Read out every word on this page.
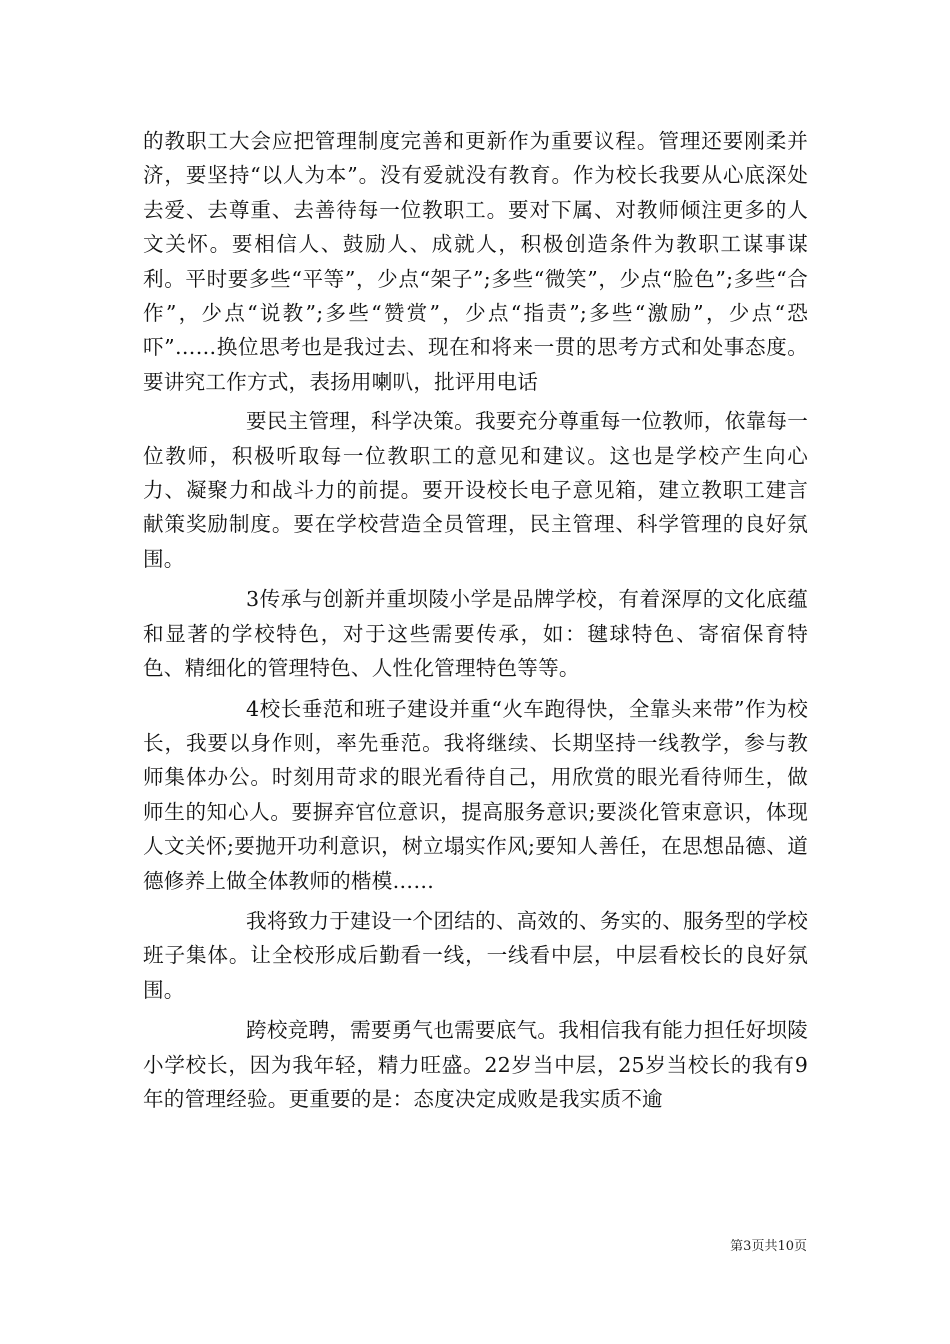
的教职工大会应把管理制度完善和更新作为重要议程。管理还要刚柔并济，要坚持“以人为本”。没有爱就没有教育。作为校长我要从心底深处去爱、去尊重、去善待每一位教职工。要对下属、对教师倾注更多的人文关怀。要相信人、鼓励人、成就人，积极创造条件为教职工谋事谋利。平时要多些“平等”，少点“架子”;多些“微笑”，少点“脸色”;多些“合作”，少点“说教”;多些“赞赏”，少点“指责”;多些“激励”，少点“恐吓”……换位思考也是我过去、现在和将来一贯的思考方式和处事态度。要讲究工作方式，表扬用喇叭，批评用电话

要民主管理，科学决策。我要充分尊重每一位教师，依靠每一位教师，积极听取每一位教职工的意见和建议。这也是学校产生向心力、凝聚力和战斗力的前提。要开设校长电子意见箱，建立教职工建言献策奖励制度。要在学校营造全员管理，民主管理、科学管理的良好氛围。

3传承与创新并重坝陵小学是品牌学校，有着深厚的文化底蕴和显著的学校特色，对于这些需要传承，如：毽球特色、寄宿保育特色、精细化的管理特色、人性化管理特色等等。

4校长垂范和班子建设并重“火车跑得快，全靠头来带”作为校长，我要以身作则，率先垂范。我将继续、长期坚持一线教学，参与教师集体办公。时刻用苛求的眼光看待自己，用欣赏的眼光看待师生，做师生的知心人。要摒弃官位意识，提高服务意识;要淡化管束意识，体现人文关怀;要抛开功利意识，树立塌实作风;要知人善任，在思想品德、道德修养上做全体教师的楷模……

我将致力于建设一个团结的、高效的、务实的、服务型的学校班子集体。让全校形成后勤看一线，一线看中层，中层看校长的良好氛围。

跨校竞聘，需要勇气也需要底气。我相信我有能力担任好坝陵小学校长，因为我年轻，精力旺盛。22岁当中层，25岁当校长的我有9年的管理经验。更重要的是：态度决定成败是我实质不逾

第3页共10页
